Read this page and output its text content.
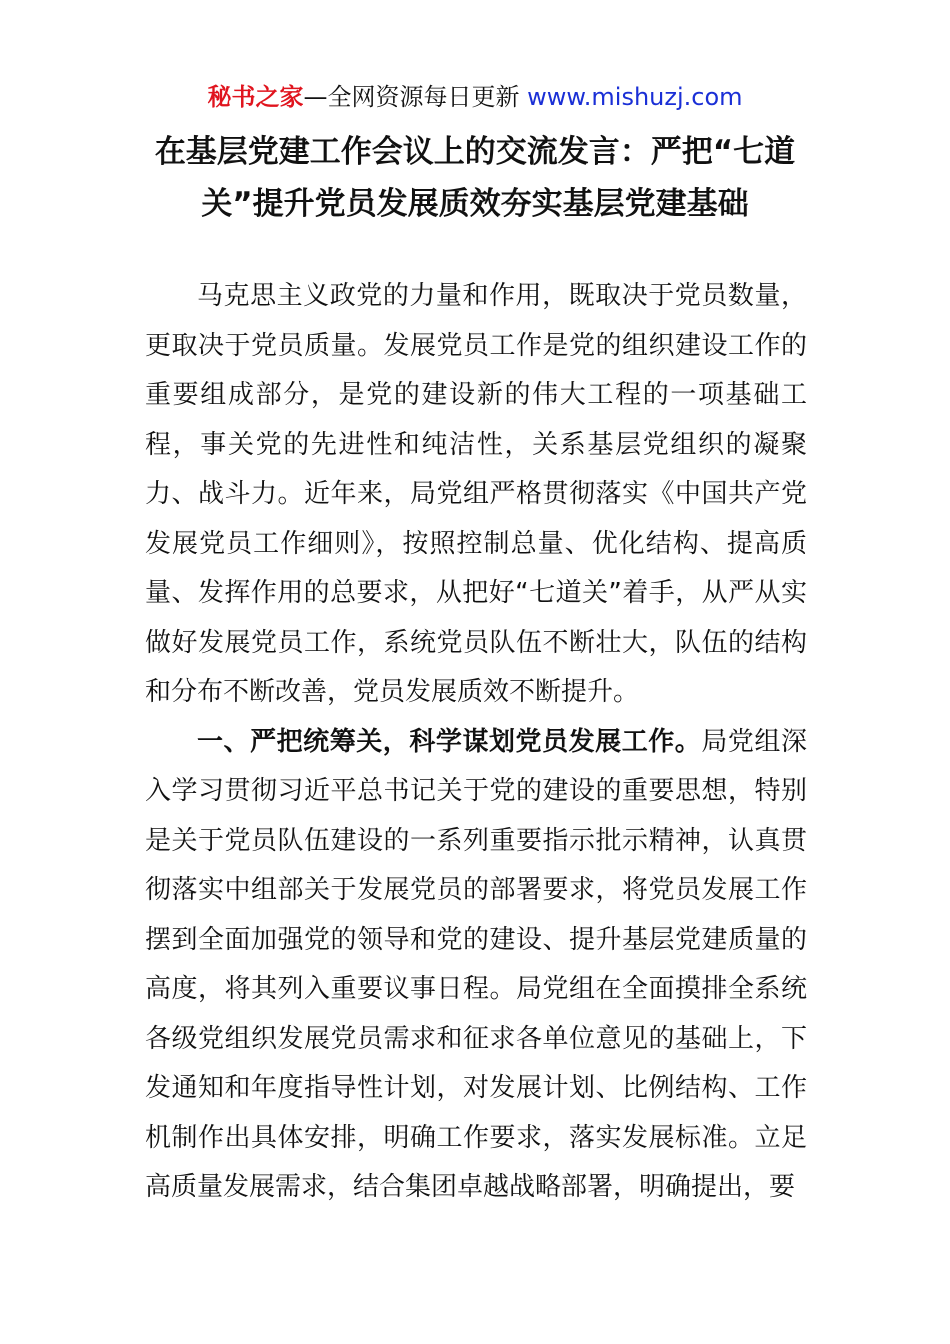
秘书之家—全网资源每日更新 www.mishuzj.com
在基层党建工作会议上的交流发言：严把“七道关”提升党员发展质效夯实基层党建基础

马克思主义政党的力量和作用，既取决于党员数量，更取决于党员质量。发展党员工作是党的组织建设工作的重要组成部分，是党的建设新的伟大工程的一项基础工程，事关党的先进性和纯洁性，关系基层党组织的凝聚力、战斗力。近年来，局党组严格贯彻落实《中国共产党发展党员工作细则》，按照控制总量、优化结构、提高质量、发挥作用的总要求，从把好“七道关”着手，从严从实做好发展党员工作，系统党员队伍不断壮大，队伍的结构和分布不断改善，党员发展质效不断提升。

一、严把统筹关，科学谋划党员发展工作。局党组深入学习贯彻习近平总书记关于党的建设的重要思想，特别是关于党员队伍建设的一系列重要指示批示精神，认真贯彻落实中组部关于发展党员的部署要求，将党员发展工作摆到全面加强党的领导和党的建设、提升基层党建质量的高度，将其列入重要议事日程。局党组在全面摸排全系统各级党组织发展党员需求和征求各单位意见的基础上，下发通知和年度指导性计划，对发展计划、比例结构、工作机制作出具体安排，明确工作要求，落实发展标准。立足高质量发展需求，结合集团卓越战略部署，明确提出，要
